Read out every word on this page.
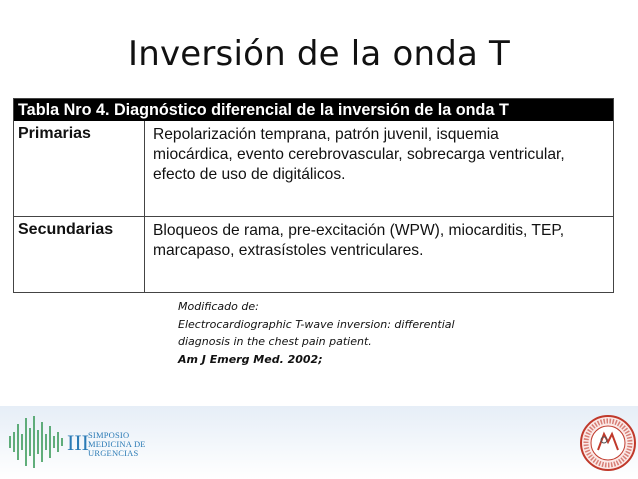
Inversión de la onda T
Tabla Nro 4. Diagnóstico diferencial de la inversión de la onda T	
Primarias	Repolarización temprana, patrón juvenil, isquemia
miocárdica, evento cerebrovascular, sobrecarga ventricular,
efecto de uso de digitálicos.

Secundarias	Bloqueos de rama, pre-excitación (WPW), miocarditis, TEP,
marcapaso, extrasístoles ventriculares.
Modificado de:
Electrocardiographic T-wave inversion: differential
diagnosis in the chest pain patient.
Am J Emerg Med. 2002;
III SIMPOSIO
MEDICINA DE
URGENCIAS
